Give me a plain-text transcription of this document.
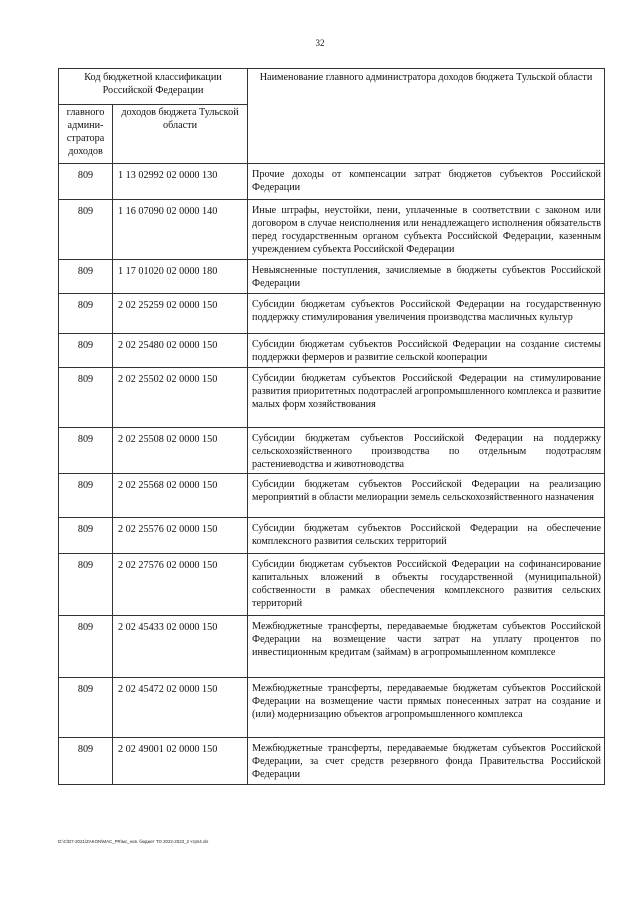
32
Код бюджетной классификации Российской Федерации		Наименование главного администратора доходов бюджета Тульской области
главного админи-стратора доходов	доходов бюджета Тульской области	
809	1 13 02992 02 0000 130	Прочие доходы от компенсации затрат бюджетов субъектов Российской Федерации
809	1 16 07090 02 0000 140	Иные штрафы, неустойки, пени, уплаченные в соответствии с законом или договором в случае неисполнения или ненадлежащего исполнения обязательств перед государственным органом субъекта Российской Федерации, казенным учреждением субъекта Российской Федерации
809	1 17 01020 02 0000 180	Невыясненные поступления, зачисляемые в бюджеты субъектов Российской Федерации
809	2 02 25259 02 0000 150	Субсидии бюджетам субъектов Российской Федерации на государственную поддержку стимулирования увеличения производства масличных культур
809	2 02 25480 02 0000 150	Субсидии бюджетам субъектов Российской Федерации на создание системы поддержки фермеров и развитие сельской кооперации
809	2 02 25502 02 0000 150	Субсидии бюджетам субъектов Российской Федерации на стимулирование развития приоритетных подотраслей агропромышленного комплекса и развитие малых форм хозяйствования
809	2 02 25508 02 0000 150	Субсидии бюджетам субъектов Российской Федерации на поддержку сельскохозяйственного производства по отдельным подотраслям растениеводства и животноводства
809	2 02 25568 02 0000 150	Субсидии бюджетам субъектов Российской Федерации на реализацию мероприятий в области мелиорации земель сельскохозяйственного назначения
809	2 02 25576 02 0000 150	Субсидии бюджетам субъектов Российской Федерации на обеспечение комплексного развития сельских территорий
809	2 02 27576 02 0000 150	Субсидии бюджетам субъектов Российской Федерации на софинансирование капитальных вложений в объекты государственной (муниципальной) собственности в рамках обеспечения комплексного развития сельских территорий
809	2 02 45433 02 0000 150	Межбюджетные трансферты, передаваемые бюджетам субъектов Российской Федерации на возмещение части затрат на уплату процентов по инвестиционным кредитам (займам) в агропромышленном комплексе
809	2 02 45472 02 0000 150	Межбюджетные трансферты, передаваемые бюджетам субъектов Российской Федерации на возмещение части прямых понесенных затрат на создание и (или) модернизацию объектов агропромышленного комплекса
809	2 02 49001 02 0000 150	Межбюджетные трансферты, передаваемые бюджетам субъектов Российской Федерации, за счет средств резервного фонда Правительства Российской Федерации
D:\C\D7-2021\ZAKON\MAC_PR\мс_нов. бюджет ТО 2022-2023_2 чтрп4.xls
